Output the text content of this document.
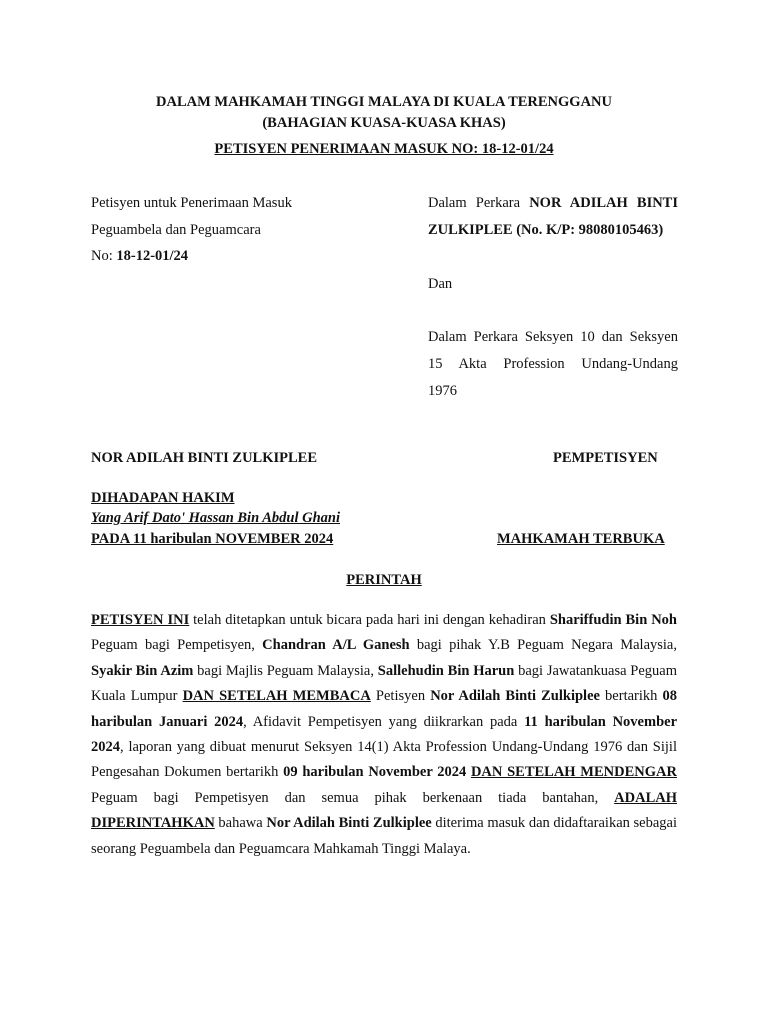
DALAM MAHKAMAH TINGGI MALAYA DI KUALA TERENGGANU
(BAHAGIAN KUASA-KUASA KHAS)
PETISYEN PENERIMAAN MASUK NO: 18-12-01/24
Petisyen untuk Penerimaan Masuk
Peguambela dan Peguamcara
No: 18-12-01/24
Dalam Perkara NOR ADILAH BINTI
ZULKIPLEE (No. K/P: 98080105463)
Dan
Dalam Perkara Seksyen 10 dan Seksyen
15 Akta Profession Undang-Undang
1976
NOR ADILAH BINTI ZULKIPLEE	PEMPETISYEN
DIHADAPAN HAKIM
Yang Arif Dato' Hassan Bin Abdul Ghani
PADA 11 haribulan NOVEMBER 2024	MAHKAMAH TERBUKA
PERINTAH
PETISYEN INI telah ditetapkan untuk bicara pada hari ini dengan kehadiran Shariffudin Bin Noh Peguam bagi Pempetisyen, Chandran A/L Ganesh bagi pihak Y.B Peguam Negara Malaysia, Syakir Bin Azim bagi Majlis Peguam Malaysia, Sallehudin Bin Harun bagi Jawatankuasa Peguam Kuala Lumpur DAN SETELAH MEMBACA Petisyen Nor Adilah Binti Zulkiplee bertarikh 08 haribulan Januari 2024, Afidavit Pempetisyen yang diikrarkan pada 11 haribulan November 2024, laporan yang dibuat menurut Seksyen 14(1) Akta Profession Undang-Undang 1976 dan Sijil Pengesahan Dokumen bertarikh 09 haribulan November 2024 DAN SETELAH MENDENGAR Peguam bagi Pempetisyen dan semua pihak berkenaan tiada bantahan, ADALAH DIPERINTAHKAN bahawa Nor Adilah Binti Zulkiplee diterima masuk dan didaftaraikan sebagai seorang Peguambela dan Peguamcara Mahkamah Tinggi Malaya.
